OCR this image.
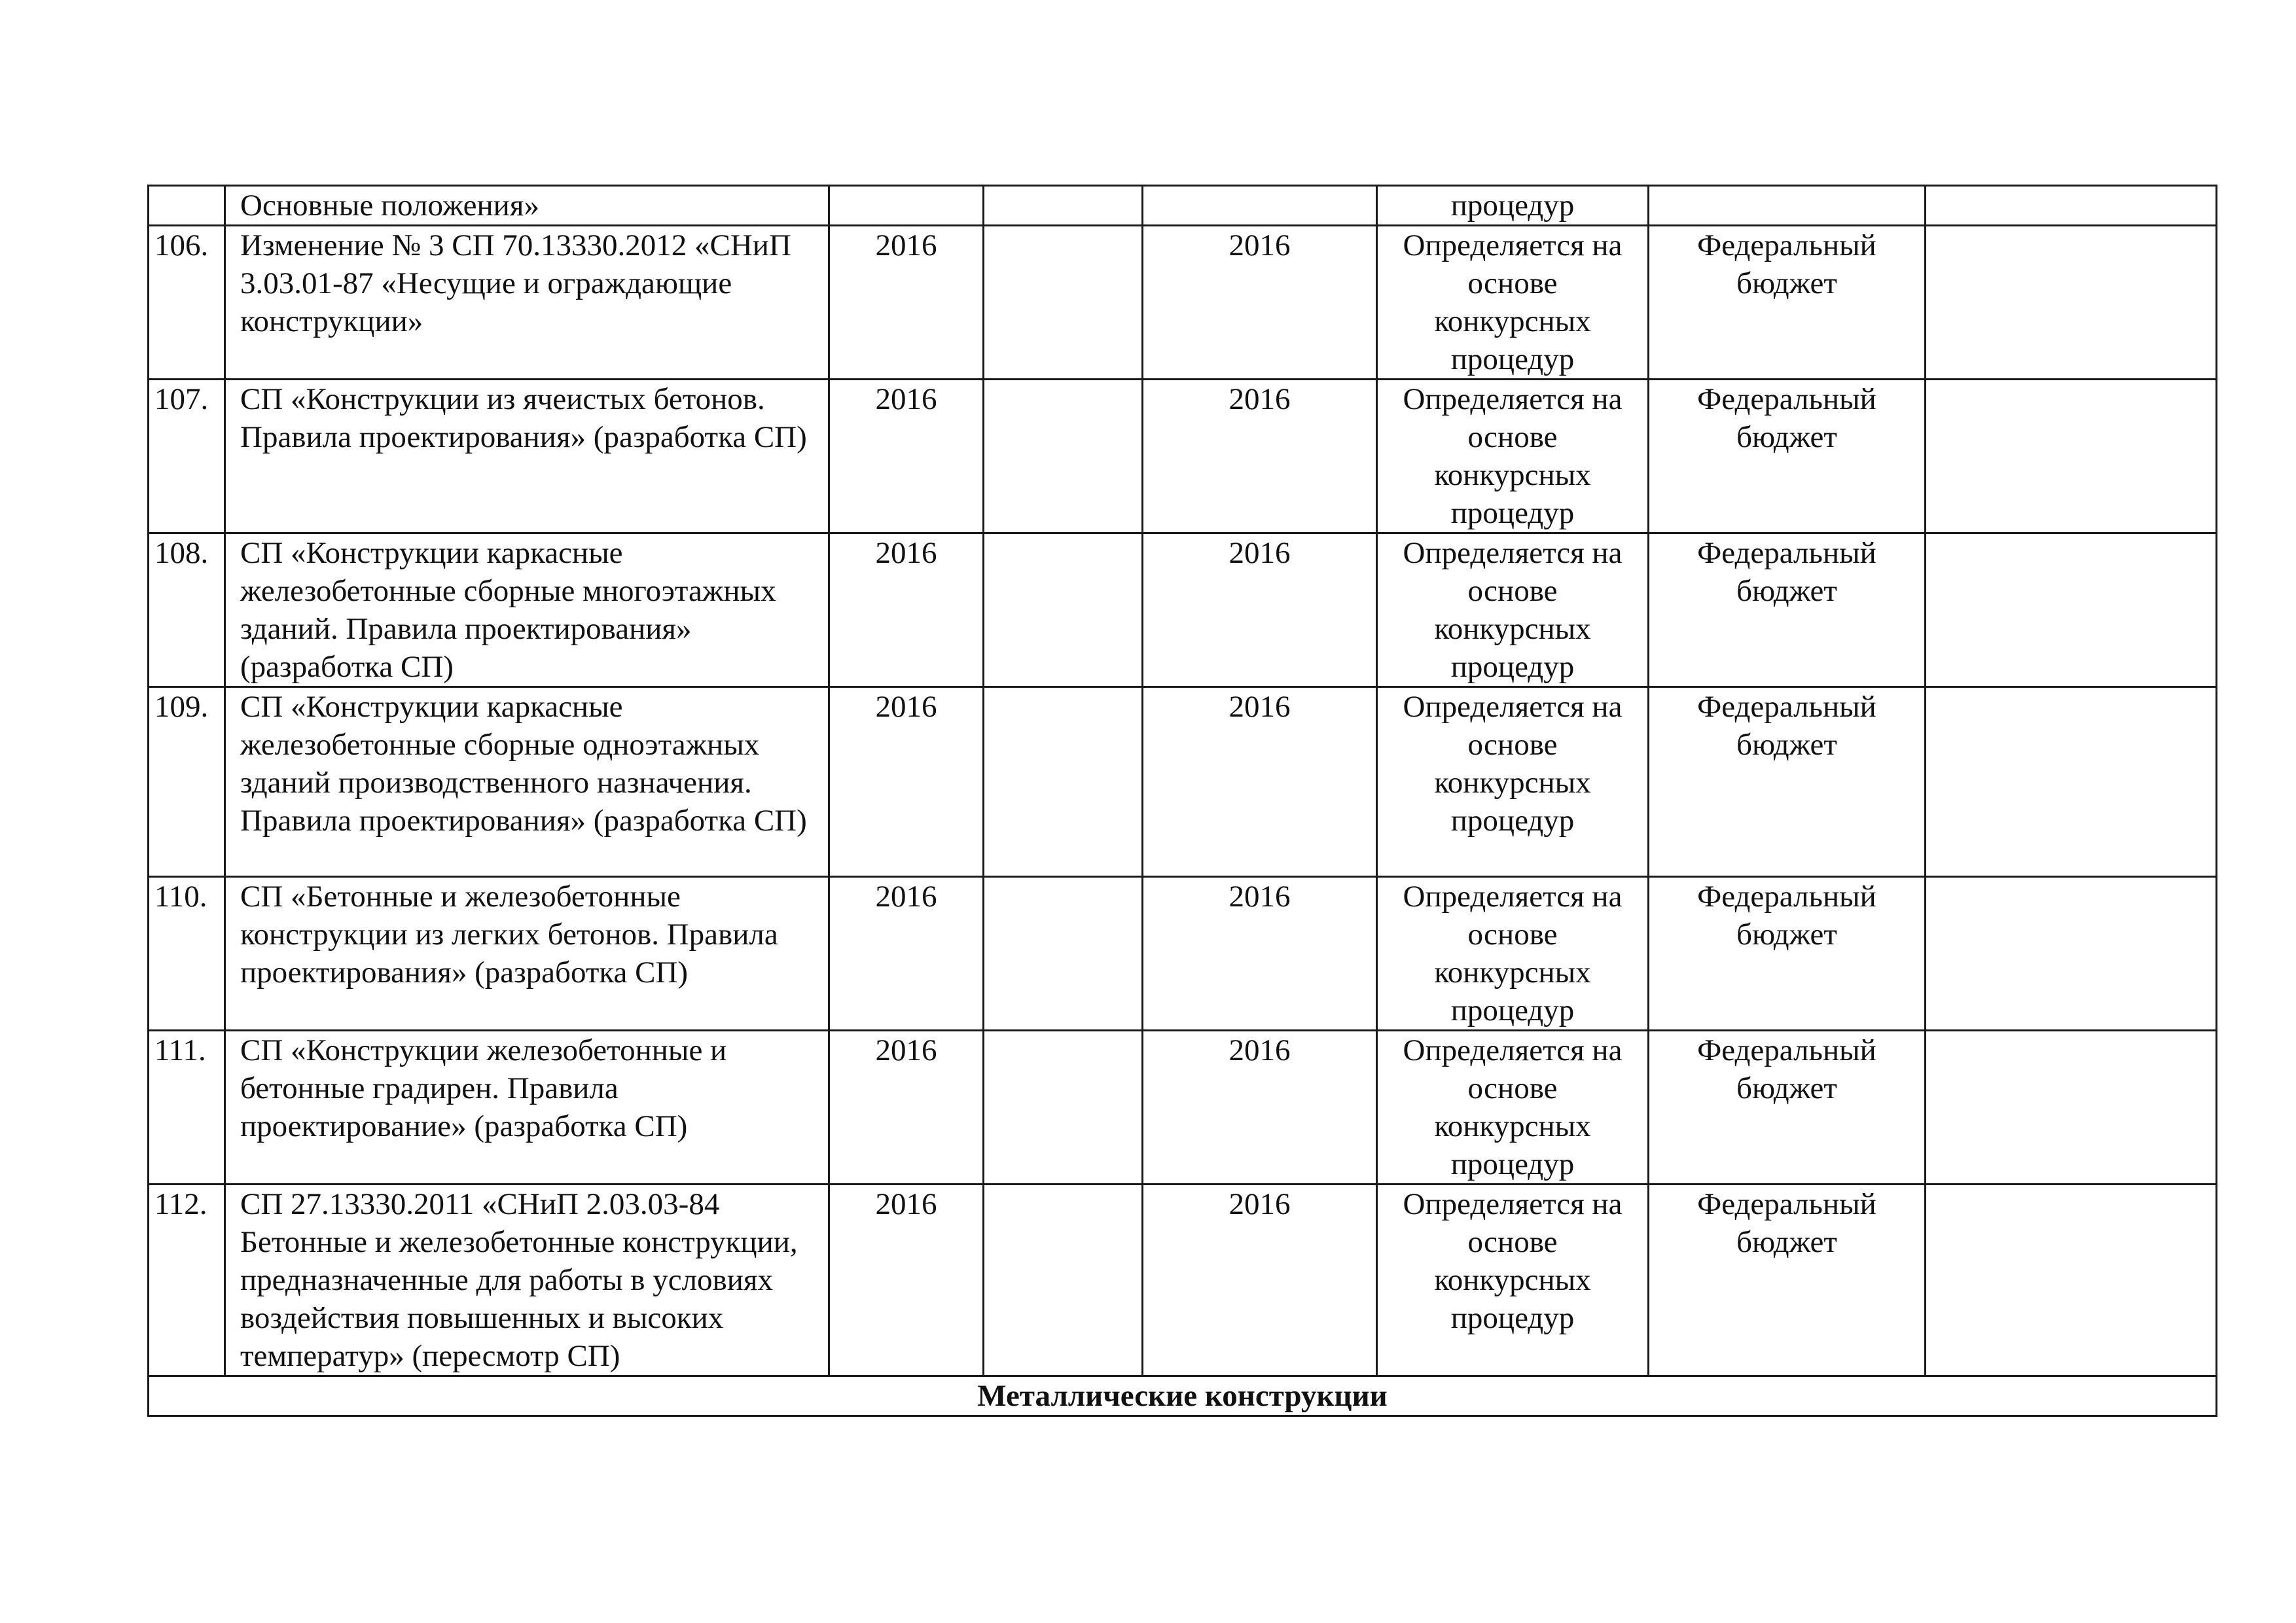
	Основные положения»				процедур		
106.	Изменение № 3 СП 70.13330.2012 «СНиП 3.03.01-87 «Несущие и ограждающие конструкции»	2016		2016	Определяется на основе конкурсных процедур	Федеральный бюджет	
107.	СП «Конструкции из ячеистых бетонов. Правила проектирования» (разработка СП)	2016		2016	Определяется на основе конкурсных процедур	Федеральный бюджет	
108.	СП «Конструкции каркасные железобетонные сборные многоэтажных зданий. Правила проектирования» (разработка СП)	2016		2016	Определяется на основе конкурсных процедур	Федеральный бюджет	
109.	СП «Конструкции каркасные железобетонные сборные одноэтажных зданий производственного назначения. Правила проектирования» (разработка СП)	2016		2016	Определяется на основе конкурсных процедур	Федеральный бюджет	
110.	СП «Бетонные и железобетонные конструкции из легких бетонов. Правила проектирования» (разработка СП)	2016		2016	Определяется на основе конкурсных процедур	Федеральный бюджет	
111.	СП «Конструкции железобетонные и бетонные градирен. Правила проектирование» (разработка СП)	2016		2016	Определяется на основе конкурсных процедур	Федеральный бюджет	
112.	СП 27.13330.2011 «СНиП 2.03.03-84 Бетонные и железобетонные конструкции, предназначенные для работы в условиях воздействия повышенных и высоких температур» (пересмотр СП)	2016		2016	Определяется на основе конкурсных процедур	Федеральный бюджет	
Металлические конструкции							
